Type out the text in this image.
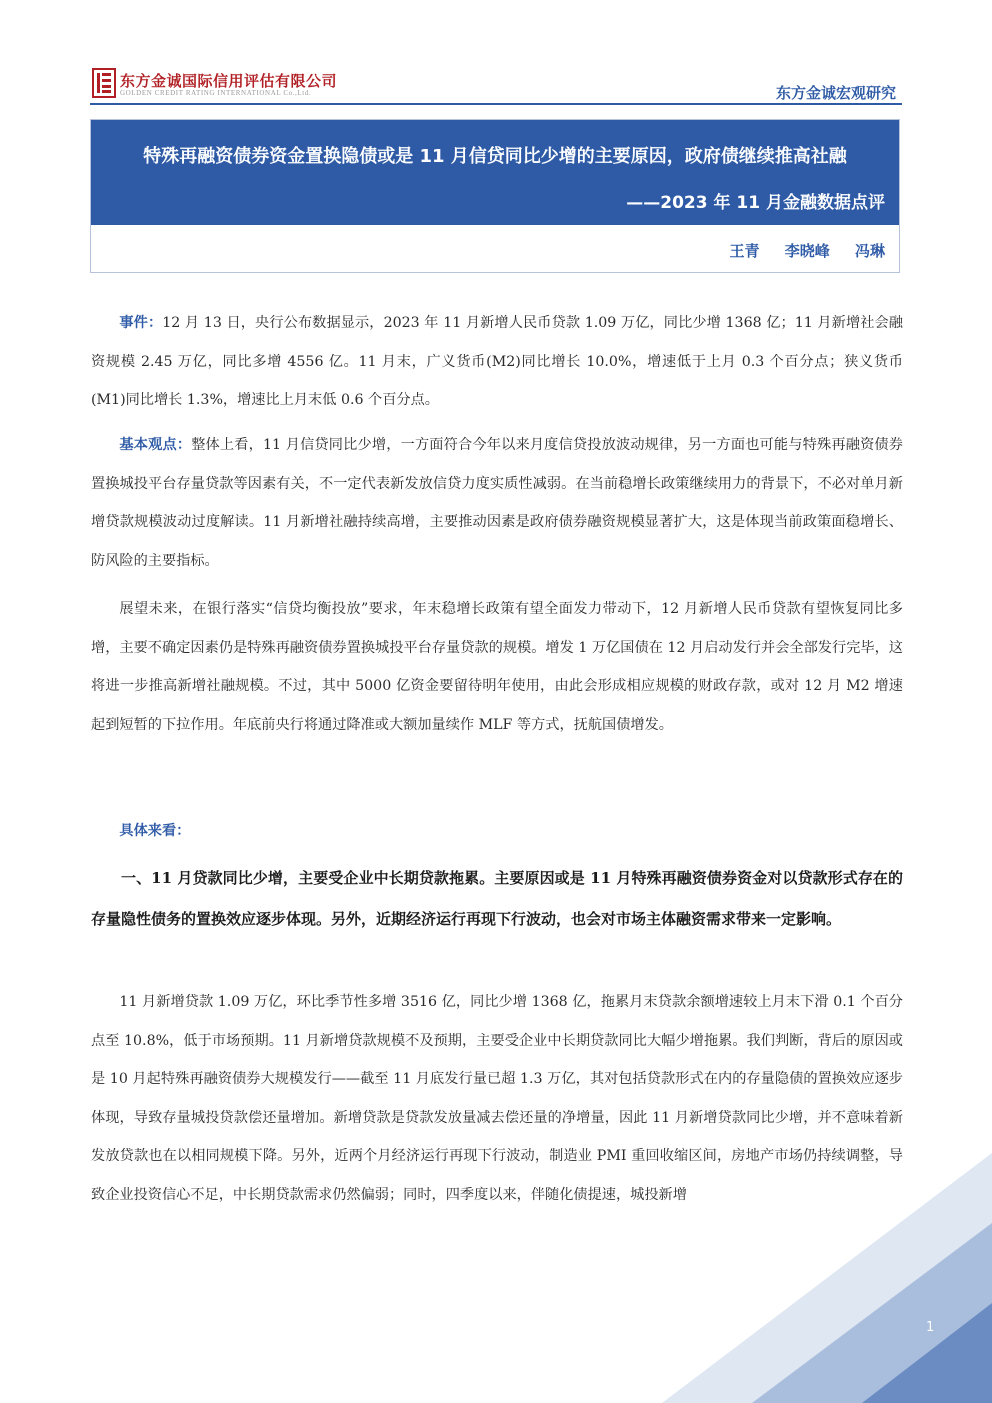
东方金诚国际信用评估有限公司
GOLDEN CREDIT RATING INTERNATIONAL Co.,Ltd.	东方金诚宏观研究
特殊再融资债券资金置换隐债或是 11 月信贷同比少增的主要原因，政府债继续推高社融
——2023 年 11 月金融数据点评
王青 李晓峰 冯琳

事件：12 月 13 日，央行公布数据显示，2023 年 11 月新增人民币贷款 1.09 万亿，同比少增 1368 亿；11 月新增社会融资规模 2.45 万亿，同比多增 4556 亿。11 月末，广义货币(M2)同比增长 10.0%，增速低于上月 0.3 个百分点；狭义货币(M1)同比增长 1.3%，增速比上月末低 0.6 个百分点。

基本观点：整体上看，11 月信贷同比少增，一方面符合今年以来月度信贷投放波动规律，另一方面也可能与特殊再融资债券置换城投平台存量贷款等因素有关，不一定代表新发放信贷力度实质性减弱。在当前稳增长政策继续用力的背景下，不必对单月新增贷款规模波动过度解读。11 月新增社融持续高增，主要推动因素是政府债券融资规模显著扩大，这是体现当前政策面稳增长、防风险的主要指标。

展望未来，在银行落实“信贷均衡投放”要求，年末稳增长政策有望全面发力带动下，12 月新增人民币贷款有望恢复同比多增，主要不确定因素仍是特殊再融资债券置换城投平台存量贷款的规模。增发 1 万亿国债在 12 月启动发行并会全部发行完毕，这将进一步推高新增社融规模。不过，其中 5000 亿资金要留待明年使用，由此会形成相应规模的财政存款，或对 12 月 M2 增速起到短暂的下拉作用。年底前央行将通过降准或大额加量续作 MLF 等方式，抚航国债增发。

具体来看：

一、11 月贷款同比少增，主要受企业中长期贷款拖累。主要原因或是 11 月特殊再融资债券资金对以贷款形式存在的存量隐性债务的置换效应逐步体现。另外，近期经济运行再现下行波动，也会对市场主体融资需求带来一定影响。

11 月新增贷款 1.09 万亿，环比季节性多增 3516 亿，同比少增 1368 亿，拖累月末贷款余额增速较上月末下滑 0.1 个百分点至 10.8%，低于市场预期。11 月新增贷款规模不及预期，主要受企业中长期贷款同比大幅少增拖累。我们判断，背后的原因或是 10 月起特殊再融资债券大规模发行——截至 11 月底发行量已超 1.3 万亿，其对包括贷款形式在内的存量隐债的置换效应逐步体现，导致存量城投贷款偿还量增加。新增贷款是贷款发放量减去偿还量的净增量，因此 11 月新增贷款同比少增，并不意味着新发放贷款也在以相同规模下降。另外，近两个月经济运行再现下行波动，制造业 PMI 重回收缩区间，房地产市场仍持续调整，导致企业投资信心不足，中长期贷款需求仍然偏弱；同时，四季度以来，伴随化债提速，城投新增

1
